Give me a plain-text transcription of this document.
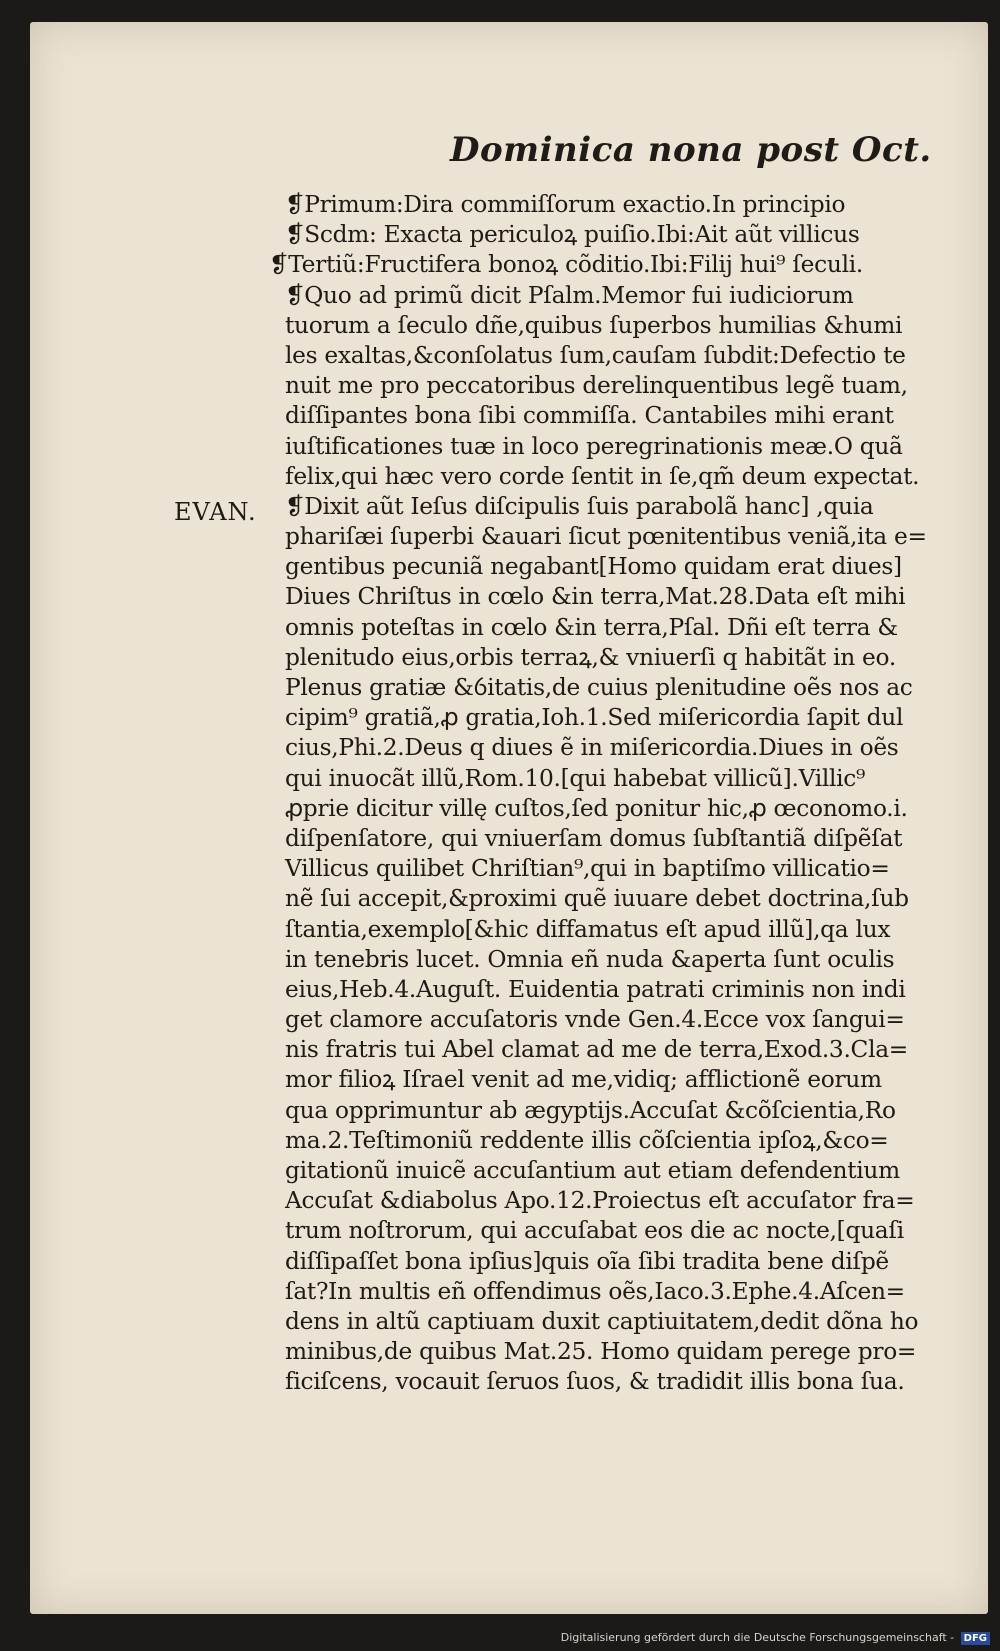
Dominica nona post Oct.
EVAN.
❡Primum:Dira commiſſorum exactio.In principio
❡Scdm: Exacta periculoꝝ puiſio.Ibi:Ait aũt villicus
❡Tertiũ:Fructifera bonoꝝ cõditio.Ibi:Filij hui⁹ ſeculi.
❡Quo ad primũ dicit Pſalm.Memor fui iudiciorum
tuorum a ſeculo dñe,quibus ſuperbos humilias &humi
les exaltas,&conſolatus ſum,cauſam ſubdit:Defectio te
nuit me pro peccatoribus derelinquentibus legẽ tuam,
diſſipantes bona ſibi commiſſa. Cantabiles mihi erant
iuſtificationes tuæ in loco peregrinationis meæ.O quã
felix,qui hæc vero corde ſentit in ſe,qm̃ deum expectat.
❡Dixit aũt Ieſus diſcipulis ſuis parabolã hanc] ,quia
phariſæi ſuperbi &auari ſicut pœnitentibus veniã,ita e=
gentibus pecuniã negabant[Homo quidam erat diues]
Diues Chriſtus in cœlo &in terra,Mat.28.Data eſt mihi
omnis poteſtas in cœlo &in terra,Pſal. Dñi eſt terra &
plenitudo eius,orbis terraꝝ,& vniuerſi q habitãt in eo.
Plenus gratiæ &ỽitatis,de cuius plenitudine oẽs nos ac
cipim⁹ gratiã,ꝓ gratia,Ioh.1.Sed miſericordia ſapit dul
cius,Phi.2.Deus q diues ẽ in miſericordia.Diues in oẽs
qui inuocãt illũ,Rom.10.[qui habebat villicũ].Villic⁹
ꝓprie dicitur villę cuſtos,ſed ponitur hic,ꝓ œconomo.i.
diſpenſatore, qui vniuerſam domus ſubſtantiã diſpẽſat
Villicus quilibet Chriſtian⁹,qui in baptiſmo villicatio=
nẽ ſui accepit,&proximi quẽ iuuare debet doctrina,ſub
ſtantia,exemplo[&hic diffamatus eſt apud illũ],qa lux
in tenebris lucet. Omnia eñ nuda &aperta ſunt oculis
eius,Heb.4.Auguſt. Euidentia patrati criminis non indi
get clamore accuſatoris vnde Gen.4.Ecce vox ſangui=
nis fratris tui Abel clamat ad me de terra,Exod.3.Cla=
mor filioꝝ Iſrael venit ad me,vidiq; afflictionẽ eorum
qua opprimuntur ab ægyptijs.Accuſat &cõſcientia,Ro
ma.2.Teſtimoniũ reddente illis cõſcientia ipſoꝝ,&co=
gitationũ inuicẽ accuſantium aut etiam defendentium
Accuſat &diabolus Apo.12.Proiectus eſt accuſator fra=
trum noſtrorum, qui accuſabat eos die ac nocte,[quaſi
diſſipaſſet bona ipſius]quis oĩa ſibi tradita bene diſpẽ
ſat?In multis eñ offendimus oẽs,Iaco.3.Ephe.4.Aſcen=
dens in altũ captiuam duxit captiuitatem,dedit dõna ho
minibus,de quibus Mat.25. Homo quidam perege pro=
ficiſcens, vocauit ſeruos ſuos, & tradidit illis bona ſua.
Digitalisierung gefördert durch die Deutsche Forschungsgemeinschaft - DFG
